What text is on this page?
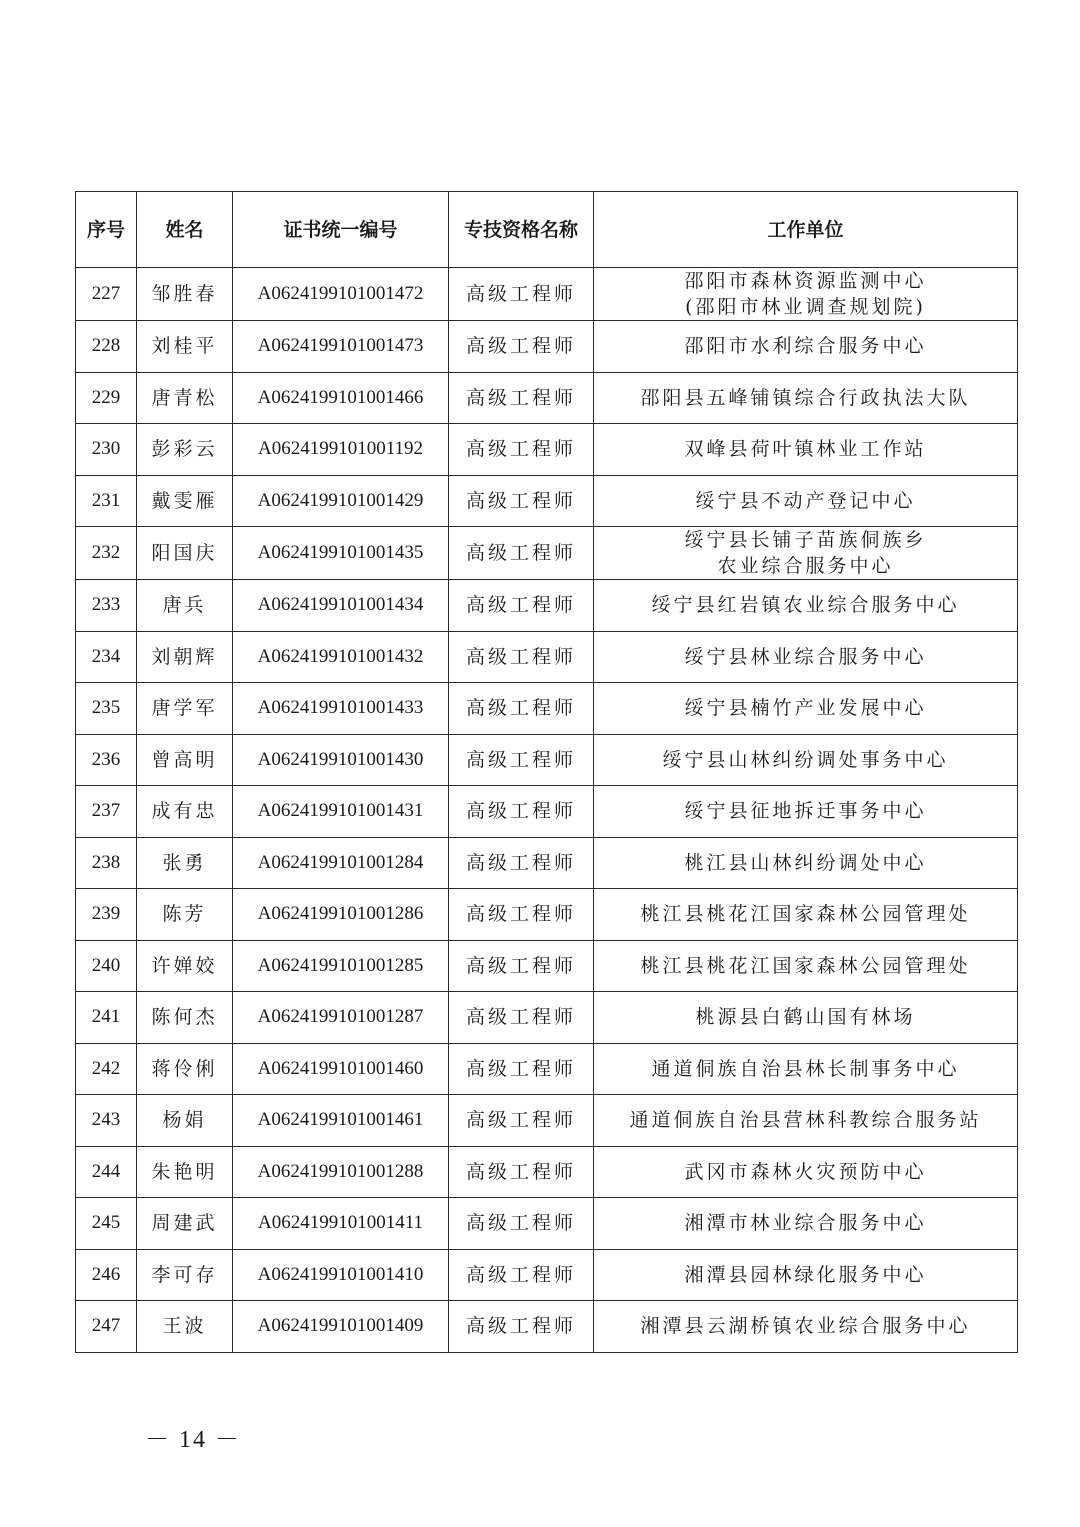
序号	姓名	证书统一编号	专技资格名称	工作单位
227	邹胜春	A0624199101001472	高级工程师	邵阳市森林资源监测中心
(邵阳市林业调查规划院)

228	刘桂平	A0624199101001473	高级工程师	邵阳市水利综合服务中心

229	唐青松	A0624199101001466	高级工程师	邵阳县五峰铺镇综合行政执法大队

230	彭彩云	A0624199101001192	高级工程师	双峰县荷叶镇林业工作站

231	戴雯雁	A0624199101001429	高级工程师	绥宁县不动产登记中心

232	阳国庆	A0624199101001435	高级工程师	绥宁县长铺子苗族侗族乡
农业综合服务中心

233	唐兵	A0624199101001434	高级工程师	绥宁县红岩镇农业综合服务中心

234	刘朝辉	A0624199101001432	高级工程师	绥宁县林业综合服务中心

235	唐学军	A0624199101001433	高级工程师	绥宁县楠竹产业发展中心

236	曾高明	A0624199101001430	高级工程师	绥宁县山林纠纷调处事务中心

237	成有忠	A0624199101001431	高级工程师	绥宁县征地拆迁事务中心

238	张勇	A0624199101001284	高级工程师	桃江县山林纠纷调处中心

239	陈芳	A0624199101001286	高级工程师	桃江县桃花江国家森林公园管理处

240	许婵姣	A0624199101001285	高级工程师	桃江县桃花江国家森林公园管理处

241	陈何杰	A0624199101001287	高级工程师	桃源县白鹤山国有林场

242	蒋伶俐	A0624199101001460	高级工程师	通道侗族自治县林长制事务中心

243	杨娟	A0624199101001461	高级工程师	通道侗族自治县营林科教综合服务站

244	朱艳明	A0624199101001288	高级工程师	武冈市森林火灾预防中心

245	周建武	A0624199101001411	高级工程师	湘潭市林业综合服务中心

246	李可存	A0624199101001410	高级工程师	湘潭县园林绿化服务中心

247	王波	A0624199101001409	高级工程师	湘潭县云湖桥镇农业综合服务中心
－ 14 －
